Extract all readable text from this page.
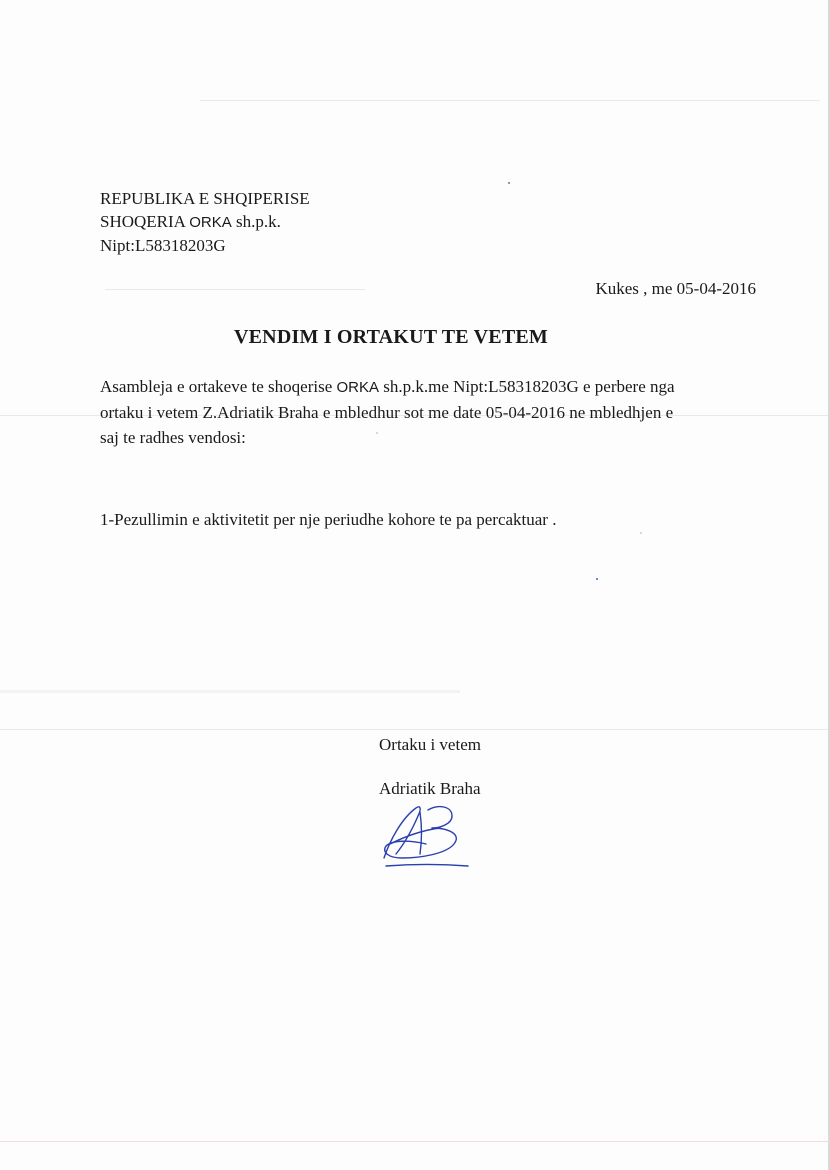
REPUBLIKA E SHQIPERISE
SHOQERIA ORKA sh.p.k.
Nipt:L58318203G
Kukes , me 05-04-2016
VENDIM I ORTAKUT TE VETEM
Asambleja e ortakeve te shoqerise ORKA sh.p.k.me Nipt:L58318203G e perbere nga
ortaku i vetem Z.Adriatik Braha e mbledhur sot me date 05-04-2016 ne mbledhjen e
saj te radhes vendosi:
1-Pezullimin e aktivitetit per nje periudhe kohore te pa percaktuar .
Ortaku i vetem
Adriatik Braha
